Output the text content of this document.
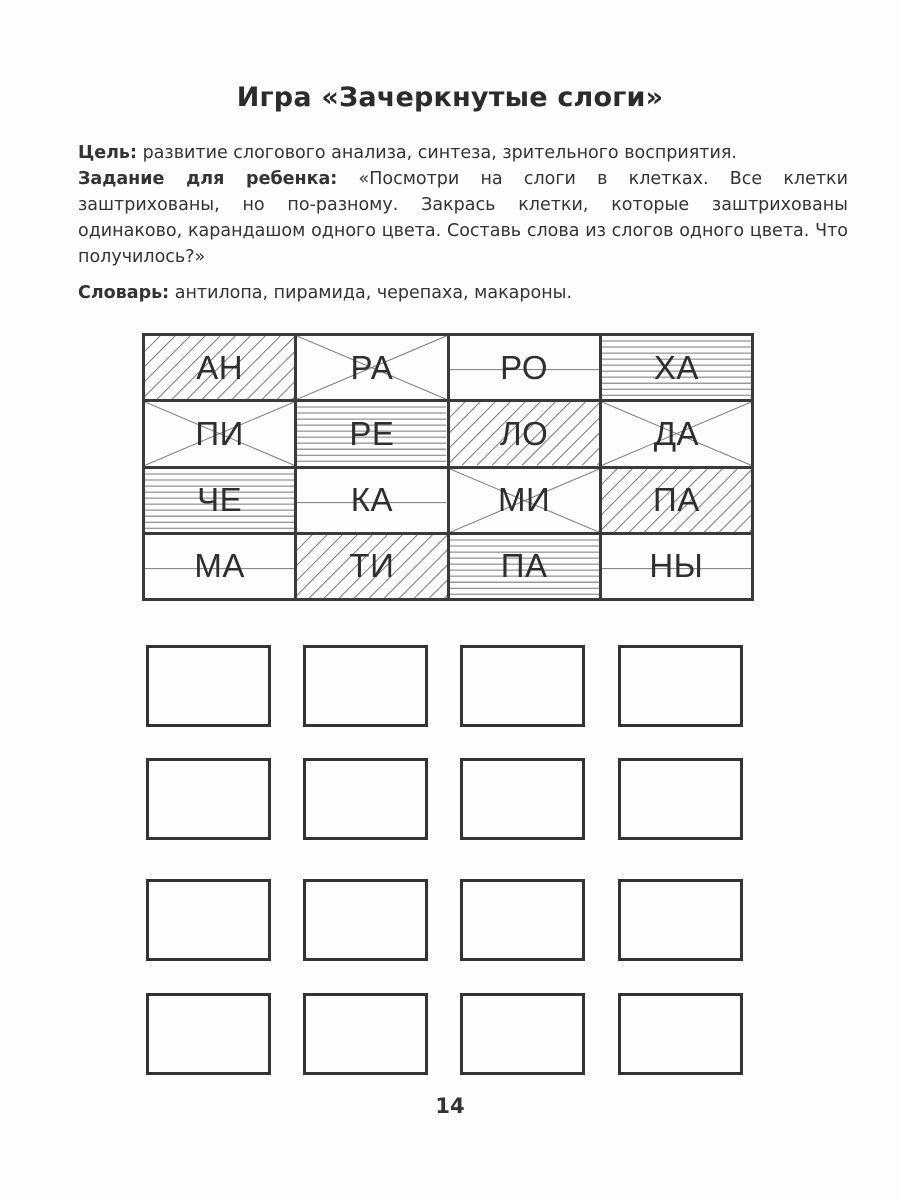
Игра «Зачеркнутые слоги»

Цель: развитие слогового анализа, синтеза, зрительного восприятия.

Задание для ребенка: «Посмотри на слоги в клетках. Все клетки заштрихованы, но по-разному. Закрась клетки, которые заштрихованы одинаково, карандашом одного цвета. Составь слова из слогов одного цвета. Что получилось?»

Словарь: антилопа, пирамида, черепаха, макароны.

АН	РА	РО	ХА
ПИ	РЕ	ЛО	ДА
ЧЕ	КА	МИ	ПА
МА	ТИ	ПА	НЫ
14
